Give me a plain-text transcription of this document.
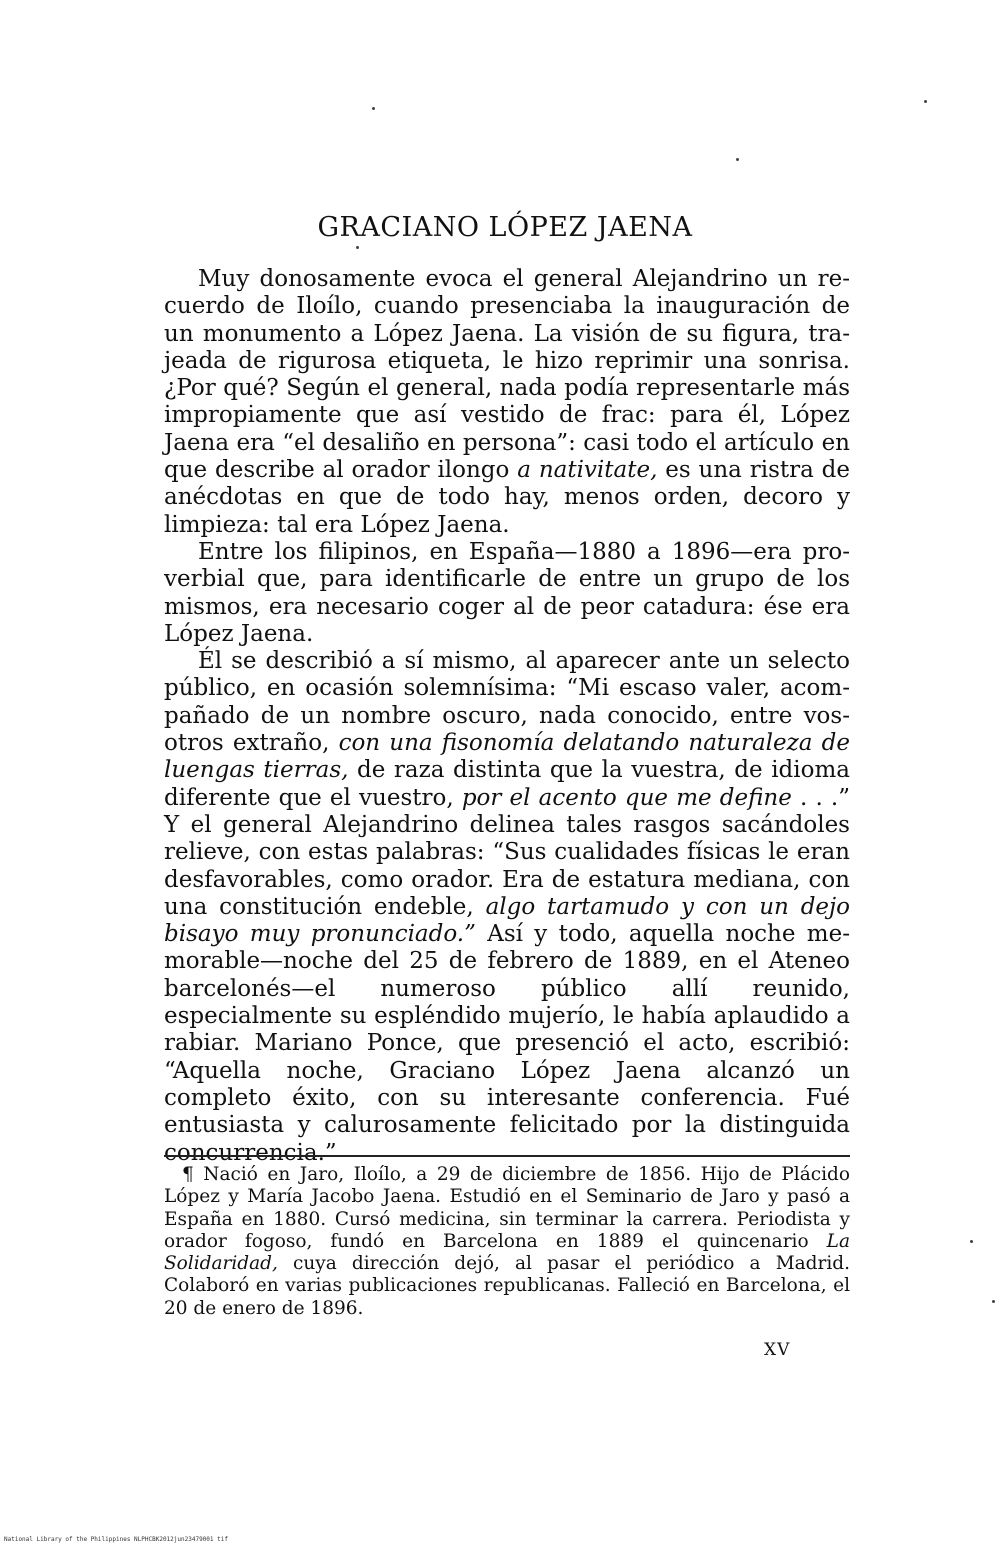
GRACIANO LÓPEZ JAENA

Muy donosamente evoca el general Alejandrino un recuerdo de Iloílo, cuando presenciaba la inauguración de un monumento a López Jaena. La visión de su figura, trajeada de rigurosa etiqueta, le hizo reprimir una sonrisa. ¿Por qué? Según el general, nada podía representarle más impropiamente que así vestido de frac: para él, López Jaena era “el desaliño en persona”: casi todo el artículo en que describe al orador ilongo a nativitate, es una ristra de anécdotas en que de todo hay, menos orden, decoro y limpieza: tal era López Jaena.

Entre los filipinos, en España—1880 a 1896—era proverbial que, para identificarle de entre un grupo de los mismos, era necesario coger al de peor catadura: ése era López Jaena.

Él se describió a sí mismo, al aparecer ante un selecto público, en ocasión solemnísima: “Mi escaso valer, acompañado de un nombre oscuro, nada conocido, entre vosotros extraño, con una fisonomía delatando naturaleza de luengas tierras, de raza distinta que la vuestra, de idioma diferente que el vuestro, por el acento que me define . . .” Y el general Alejandrino delinea tales rasgos sacándoles relieve, con estas palabras: “Sus cualidades físicas le eran desfavorables, como orador. Era de estatura mediana, con una constitución endeble, algo tartamudo y con un dejo bisayo muy pronunciado.” Así y todo, aquella noche memorable—noche del 25 de febrero de 1889, en el Ateneo barcelonés—el numeroso público allí reunido, especialmente su espléndido mujerío, le había aplaudido a rabiar. Mariano Ponce, que presenció el acto, escribió: “Aquella noche, Graciano López Jaena alcanzó un completo éxito, con su interesante conferencia. Fué entusiasta y calurosamente felicitado por la distinguida concurrencia.”

¶ Nació en Jaro, Iloílo, a 29 de diciembre de 1856. Hijo de Plácido López y María Jacobo Jaena. Estudió en el Seminario de Jaro y pasó a España en 1880. Cursó medicina, sin terminar la carrera. Periodista y orador fogoso, fundó en Barcelona en 1889 el quincenario La Solidaridad, cuya dirección dejó, al pasar el periódico a Madrid. Colaboró en varias publicaciones republicanas. Falleció en Barcelona, el 20 de enero de 1896.

XV
National Library of the Philippines NLPHCBK2012jun23479001 tif
